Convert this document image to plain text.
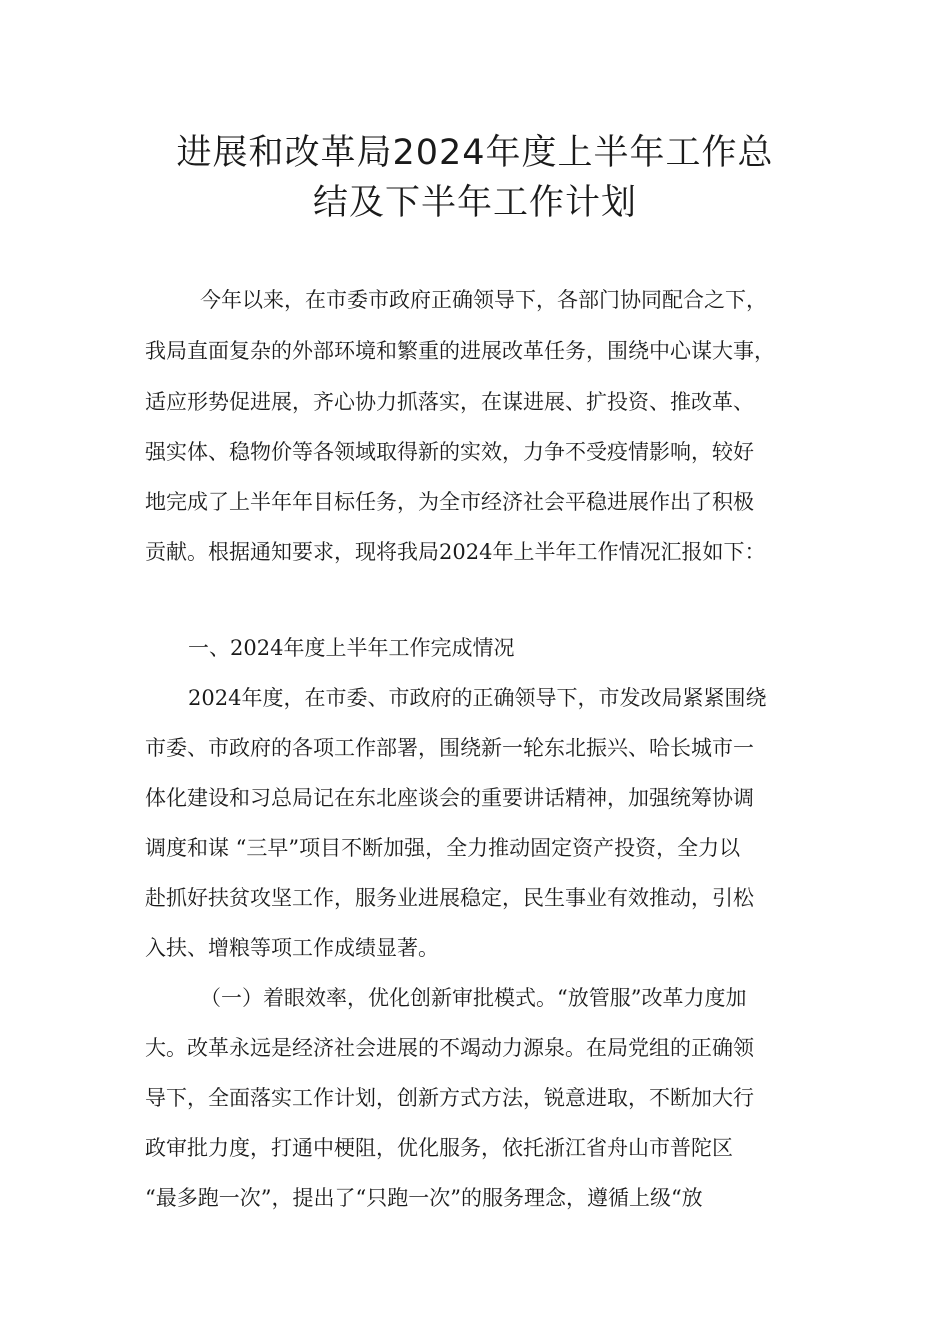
进展和改革局2024年度上半年工作总
结及下半年工作计划
今年以来，在市委市政府正确领导下，各部门协同配合之下，
我局直面复杂的外部环境和繁重的进展改革任务，围绕中心谋大事，
适应形势促进展，齐心协力抓落实，在谋进展、扩投资、推改革、
强实体、稳物价等各领域取得新的实效，力争不受疫情影响，较好
地完成了上半年年目标任务，为全市经济社会平稳进展作出了积极
贡献。根据通知要求，现将我局2024年上半年工作情况汇报如下：
一、2024年度上半年工作完成情况
2024年度，在市委、市政府的正确领导下，市发改局紧紧围绕
市委、市政府的各项工作部署，围绕新一轮东北振兴、哈长城市一
体化建设和习总局记在东北座谈会的重要讲话精神，加强统筹协调
调度和谋 “三早”项目不断加强，全力推动固定资产投资，全力以
赴抓好扶贫攻坚工作，服务业进展稳定，民生事业有效推动，引松
入扶、增粮等项工作成绩显著。
（一）着眼效率，优化创新审批模式。“放管服”改革力度加
大。改革永远是经济社会进展的不竭动力源泉。在局党组的正确领
导下，全面落实工作计划，创新方式方法，锐意进取，不断加大行
政审批力度，打通中梗阻，优化服务，依托浙江省舟山市普陀区
“最多跑一次”，提出了“只跑一次”的服务理念，遵循上级“放
